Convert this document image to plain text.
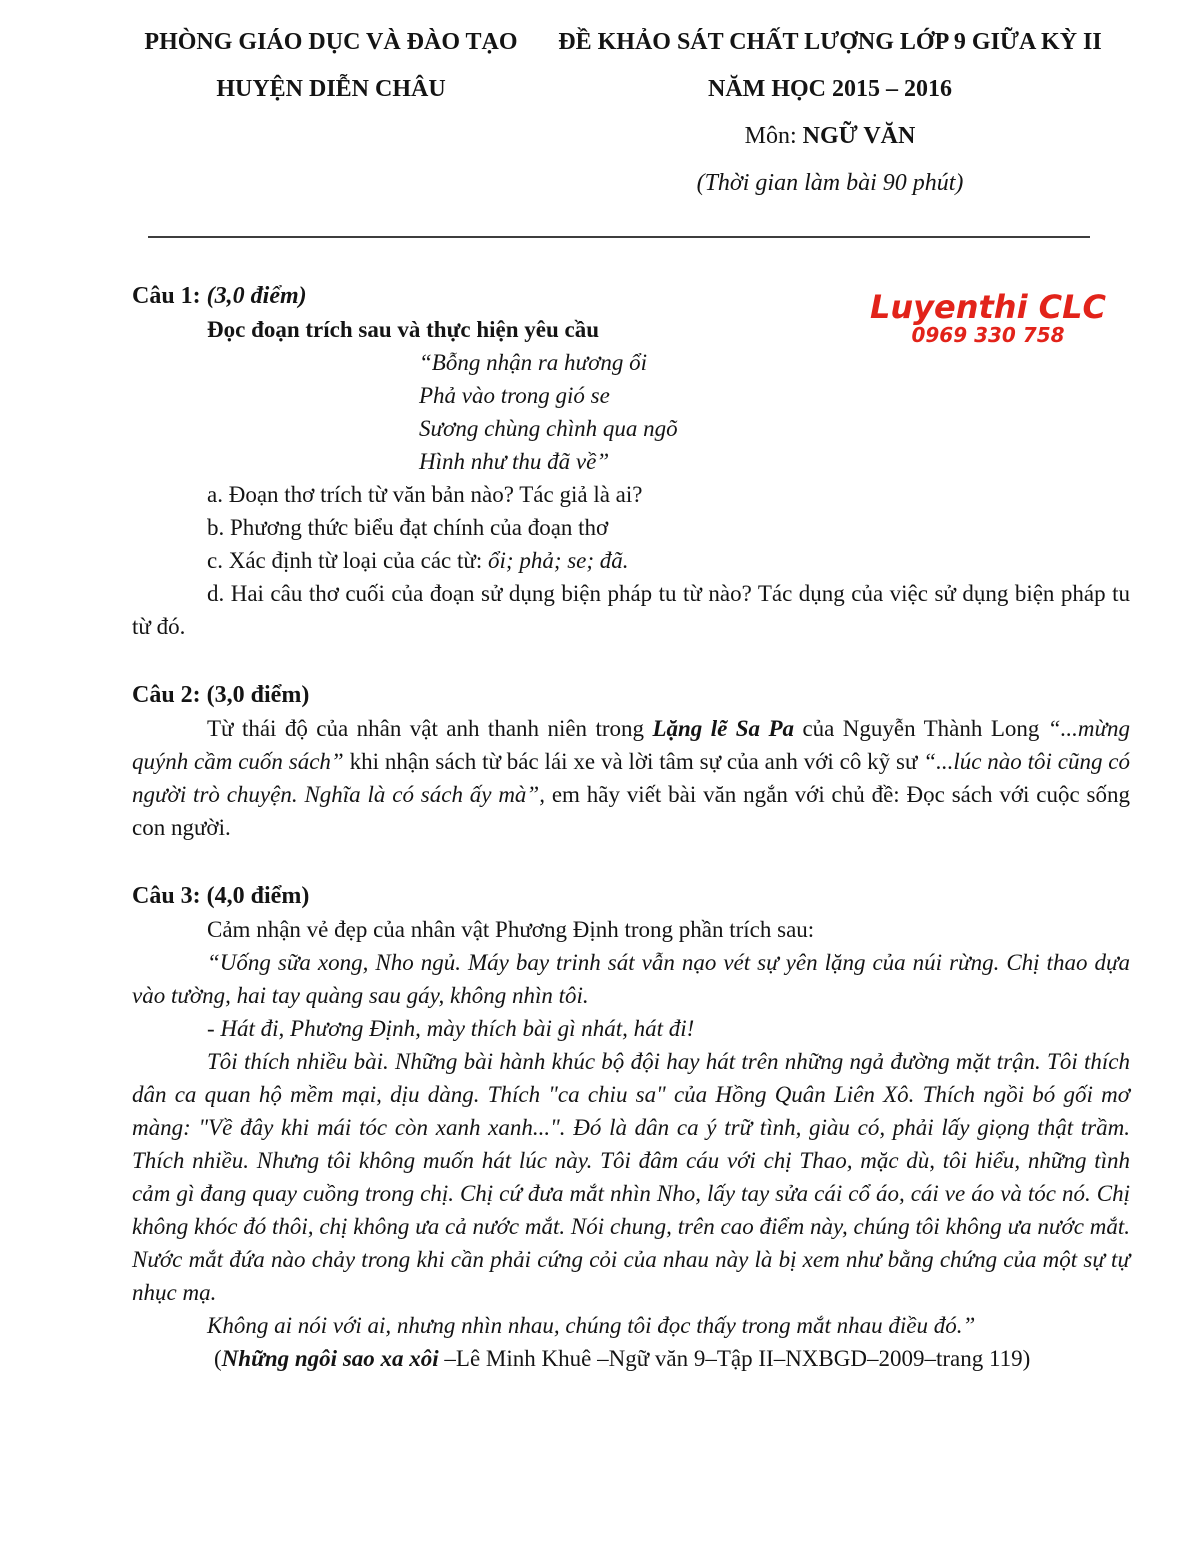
PHÒNG GIÁO DỤC VÀ ĐÀO TẠO
HUYỆN DIỄN CHÂU
ĐỀ KHẢO SÁT CHẤT LƯỢNG LỚP 9 GIỮA KỲ II
NĂM HỌC 2015 – 2016
Môn: NGỮ VĂN
(Thời gian làm bài 90 phút)
Luyenthi CLC
0969 330 758
Câu 1: (3,0 điểm)
Đọc đoạn trích sau và thực hiện yêu cầu
“Bỗng nhận ra hương ổi
Phả vào trong gió se
Sương chùng chình qua ngõ
Hình như thu đã về”

a. Đoạn thơ trích từ văn bản nào? Tác giả là ai?

b. Phương thức biểu đạt chính của đoạn thơ

c. Xác định từ loại của các từ: ổi; phả; se; đã.

d. Hai câu thơ cuối của đoạn sử dụng biện pháp tu từ nào? Tác dụng của việc sử dụng biện pháp tu từ đó.

Câu 2: (3,0 điểm)

Từ thái độ của nhân vật anh thanh niên trong Lặng lẽ Sa Pa của Nguyễn Thành Long “...mừng quýnh cầm cuốn sách” khi nhận sách từ bác lái xe và lời tâm sự của anh với cô kỹ sư “...lúc nào tôi cũng có người trò chuyện. Nghĩa là có sách ấy mà”, em hãy viết bài văn ngắn với chủ đề: Đọc sách với cuộc sống con người.

Câu 3: (4,0 điểm)

Cảm nhận vẻ đẹp của nhân vật Phương Định trong phần trích sau:

“Uống sữa xong, Nho ngủ. Máy bay trinh sát vẫn nạo vét sự yên lặng của núi rừng. Chị thao dựa vào tường, hai tay quàng sau gáy, không nhìn tôi.

- Hát đi, Phương Định, mày thích bài gì nhát, hát đi!

Tôi thích nhiều bài. Những bài hành khúc bộ đội hay hát trên những ngả đường mặt trận. Tôi thích dân ca quan hộ mềm mại, dịu dàng. Thích "ca chiu sa" của Hồng Quân Liên Xô. Thích ngồi bó gối mơ màng: "Về đây khi mái tóc còn xanh xanh...". Đó là dân ca ý trữ tình, giàu có, phải lấy giọng thật trầm. Thích nhiều. Nhưng tôi không muốn hát lúc này. Tôi đâm cáu với chị Thao, mặc dù, tôi hiểu, những tình cảm gì đang quay cuồng trong chị. Chị cứ đưa mắt nhìn Nho, lấy tay sửa cái cổ áo, cái ve áo và tóc nó. Chị không khóc đó thôi, chị không ưa cả nước mắt. Nói chung, trên cao điểm này, chúng tôi không ưa nước mắt. Nước mắt đứa nào chảy trong khi cần phải cứng cỏi của nhau này là bị xem như bằng chứng của một sự tự nhục mạ.

Không ai nói với ai, nhưng nhìn nhau, chúng tôi đọc thấy trong mắt nhau điều đó.”

(Những ngôi sao xa xôi –Lê Minh Khuê –Ngữ văn 9–Tập II–NXBGD–2009–trang 119)
